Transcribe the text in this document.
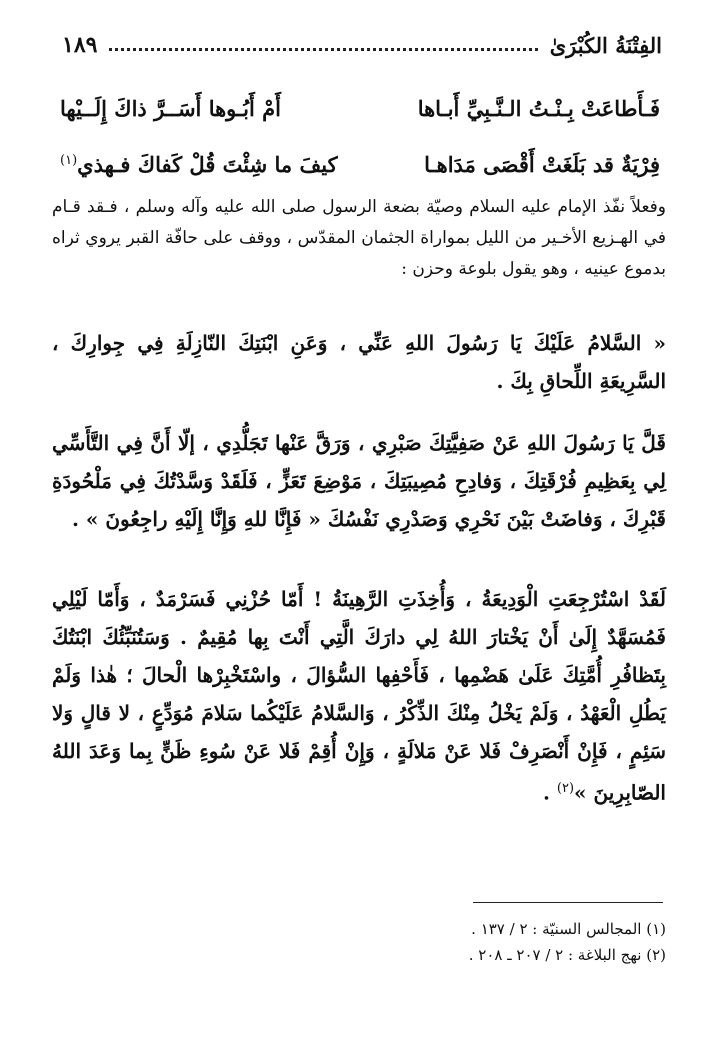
الفِتْنَةُ الكُبْرَىٰ
١٨٩
فَـأَطاعَتْ بِـنْـتُ الـنَّـبِيِّ أَبـاها
أَمْ أَبُـوها أَسَــرَّ ذاكَ إِلَــيْها
فِرْيَةٌ قد بَلَغَتْ أَقْصَى مَدَاهـا
كيفَ ما شِئْتَ قُلْ كَفاكَ فـهذي$^{(١)}$

وفعلاً نفّذ الإمام عليه السلام وصيّة بضعة الرسول صلى الله عليه وآله وسلم ، فـقد قـام في الهـزيع الأخـير من الليل بمواراة الجثمان المقدّس ، ووقف على حافّة القبر يروي ثراه بدموع عينيه ، وهو يقول بلوعة وحزن :

« السَّلامُ عَلَيْكَ يَا رَسُولَ اللهِ عَنِّي ، وَعَنِ ابْنَتِكَ النّازِلَةِ فِي جِوارِكَ ، السَّرِيعَةِ اللِّحاقِ بِكَ .

قَلَّ يَا رَسُولَ اللهِ عَنْ صَفِيَّتِكَ صَبْرِي ، وَرَقَّ عَنْها تَجَلُّدِي ، إلّا أَنَّ فِي التَّأَسِّي لِي بِعَظِيمِ فُرْقَتِكَ ، وَفادِحِ مُصِيبَتِكَ ، مَوْضِعَ تَعَزٍّ ، فَلَقَدْ وَسَّدْتُكَ فِي مَلْحُودَةِ قَبْرِكَ ، وَفاضَتْ بَيْنَ نَحْرِي وَصَدْرِي نَفْسُكَ « فَإِنَّا للهِ وَإِنَّا إِلَيْهِ راجِعُونَ » .

لَقَدْ اسْتُرْجِعَتِ الْوَدِيعَةُ ، وَأُخِذَتِ الرَّهِينَةُ ! أَمّا حُزْنِي فَسَرْمَدٌ ، وَأَمّا لَيْلِي فَمُسَهَّدٌ إِلَىٰ أَنْ يَخْتارَ اللهُ لِي دارَكَ الَّتِي أَنْتَ بِها مُقِيمٌ . وَسَتُنَبِّئُكَ ابْنَتُكَ بِتَظافُرِ أُمَّتِكَ عَلَىٰ هَضْمِها ، فَأَحْفِها السُّؤالَ ، واسْتَخْبِرْها الْحالَ ؛ هٰذا وَلَمْ يَطُلِ الْعَهْدُ ، وَلَمْ يَخْلُ مِنْكَ الذِّكْرُ ، وَالسَّلامُ عَلَيْكُما سَلامَ مُوَدِّعٍ ، لا قالٍ وَلا سَئِمٍ ، فَإِنْ أَنْصَرِفْ فَلا عَنْ مَلالَةٍ ، وَإِنْ أُقِمْ فَلا عَنْ سُوءِ ظَنٍّ بِما وَعَدَ اللهُ الصّابِرِينَ »$^{(٢)}$ .

(١) المجالس السنيّة : ٢ / ١٣٧ .
(٢) نهج البلاغة : ٢ / ٢٠٧ ـ ٢٠٨ .
